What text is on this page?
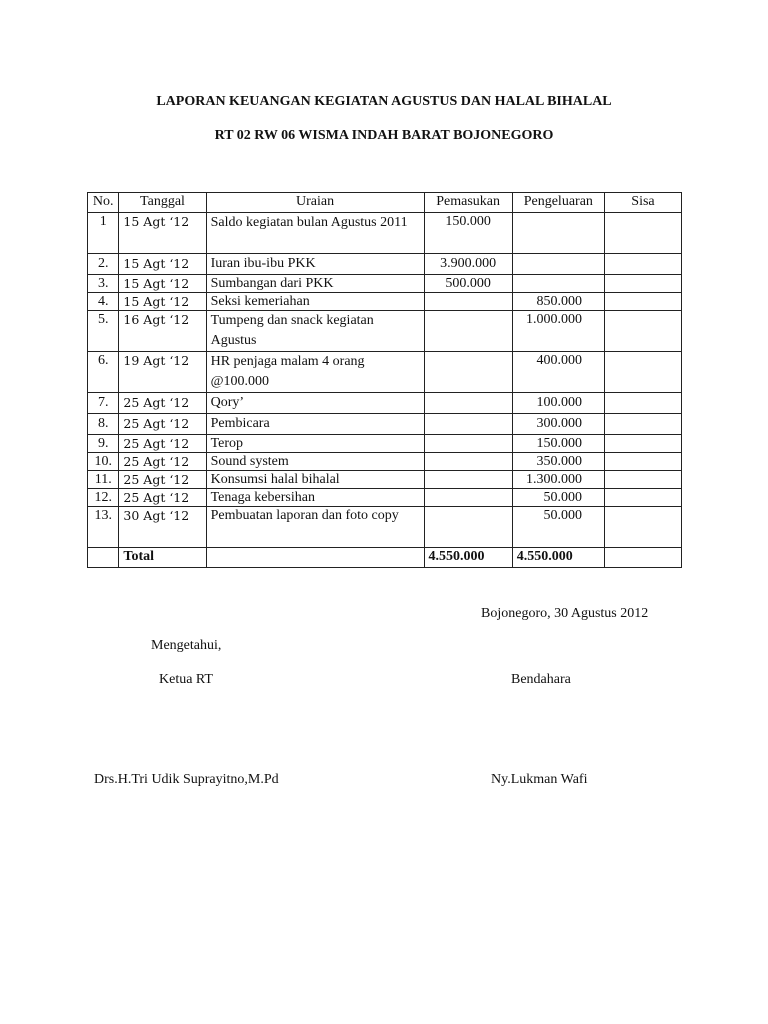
LAPORAN KEUANGAN KEGIATAN AGUSTUS DAN HALAL BIHALAL
RT 02 RW 06 WISMA INDAH BARAT BOJONEGORO
No.	Tanggal	Uraian	Pemasukan	Pengeluaran	Sisa
1	15 Agt ‘12	Saldo kegiatan bulan Agustus 2011	150.000		
2.	15 Agt ‘12	Iuran ibu-ibu PKK	3.900.000		
3.	15 Agt ‘12	Sumbangan dari PKK	500.000		
4.	15 Agt ‘12	Seksi kemeriahan		850.000	
5.	16 Agt ‘12	Tumpeng dan snack kegiatan Agustus		1.000.000	
6.	19 Agt ‘12	HR penjaga malam 4 orang @100.000		400.000	
7.	25 Agt ‘12	Qory’		100.000	
8.	25 Agt ‘12	Pembicara		300.000	
9.	25 Agt ‘12	Terop		150.000	
10.	25 Agt ‘12	Sound system		350.000	
11.	25 Agt ‘12	Konsumsi halal bihalal		1.300.000	
12.	25 Agt ‘12	Tenaga kebersihan		50.000	
13.	30 Agt ‘12	Pembuatan laporan dan foto copy		50.000	
	Total		4.550.000	4.550.000	
Bojonegoro, 30 Agustus 2012
Mengetahui,
Ketua RT	Bendahara
Drs.H.Tri Udik Suprayitno,M.Pd	Ny.Lukman Wafi
